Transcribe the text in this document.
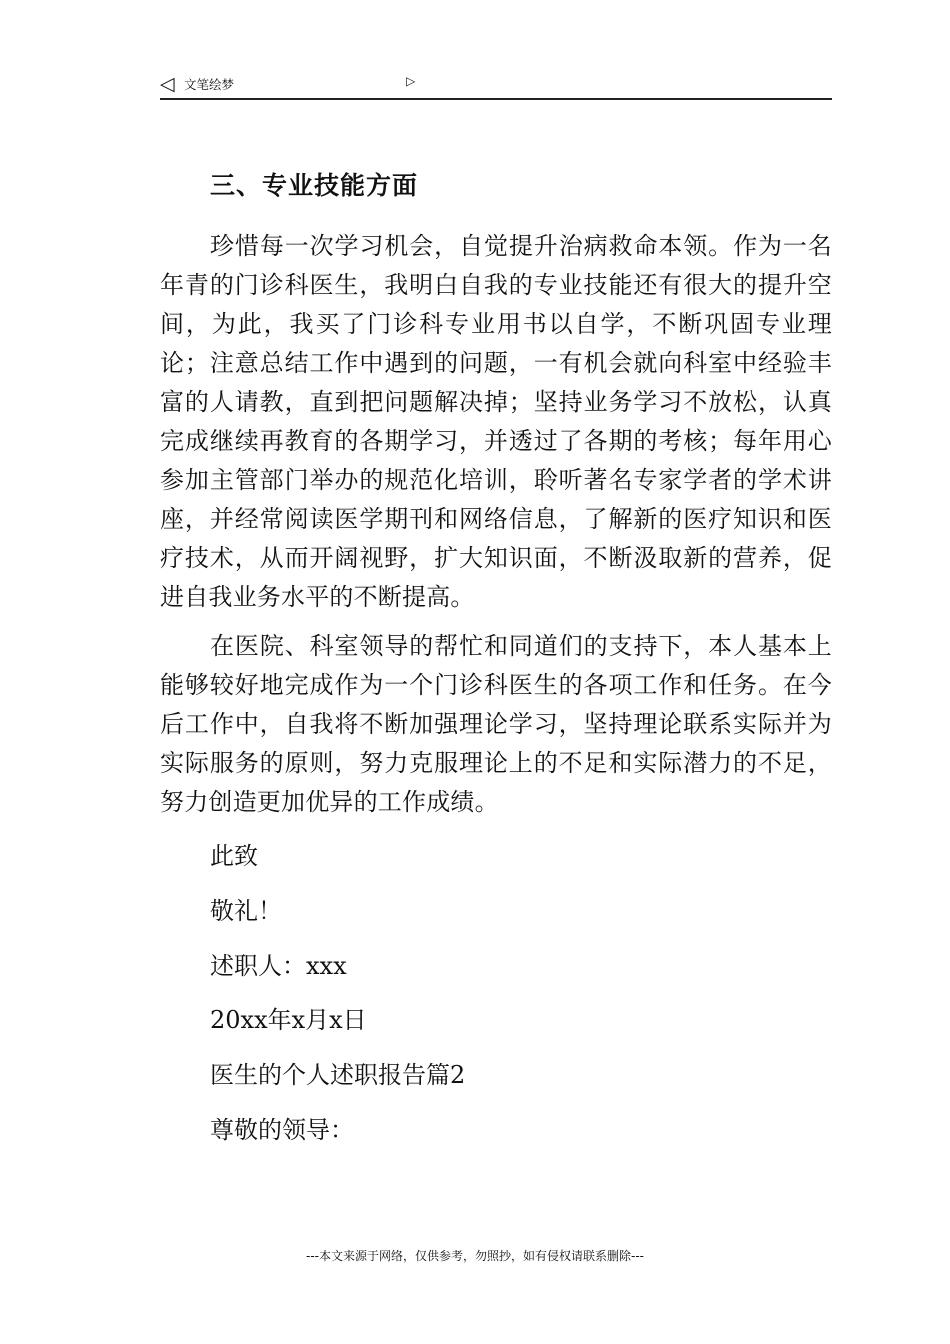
◁ 文笔绘梦	▷
三、专业技能方面

珍惜每一次学习机会，自觉提升治病救命本领。作为一名年青的门诊科医生，我明白自我的专业技能还有很大的提升空间，为此，我买了门诊科专业用书以自学，不断巩固专业理论；注意总结工作中遇到的问题，一有机会就向科室中经验丰富的人请教，直到把问题解决掉；坚持业务学习不放松，认真完成继续再教育的各期学习，并透过了各期的考核；每年用心参加主管部门举办的规范化培训，聆听著名专家学者的学术讲座，并经常阅读医学期刊和网络信息，了解新的医疗知识和医疗技术，从而开阔视野，扩大知识面，不断汲取新的营养，促进自我业务水平的不断提高。

在医院、科室领导的帮忙和同道们的支持下，本人基本上能够较好地完成作为一个门诊科医生的各项工作和任务。在今后工作中，自我将不断加强理论学习，坚持理论联系实际并为实际服务的原则，努力克服理论上的不足和实际潜力的不足，努力创造更加优异的工作成绩。

此致

敬礼！

述职人：xxx

20xx年x月x日

医生的个人述职报告篇2

尊敬的领导：

---本文来源于网络，仅供参考，勿照抄，如有侵权请联系删除---
